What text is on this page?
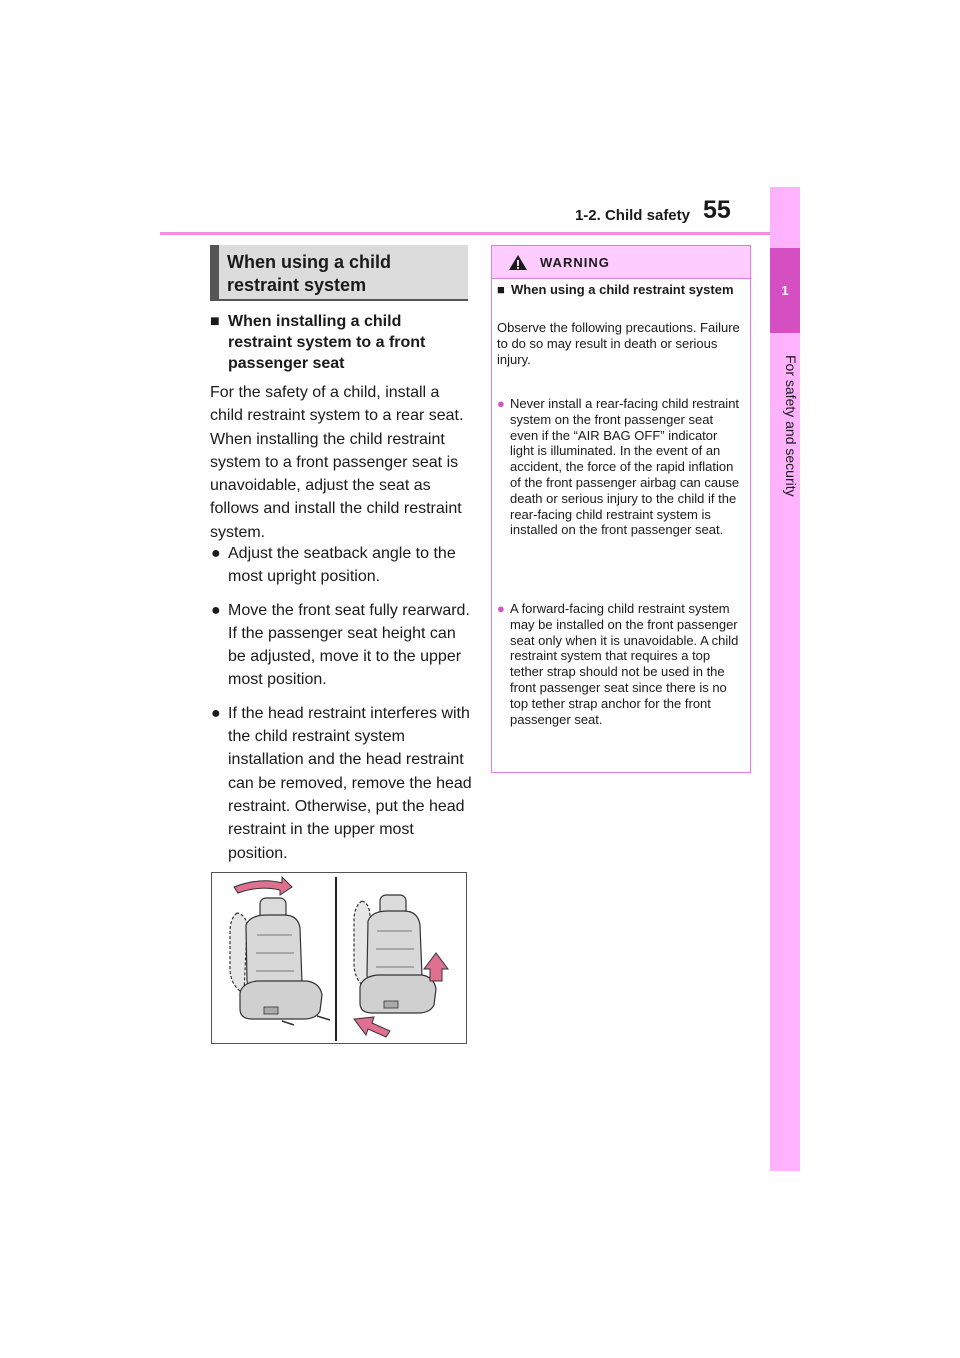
1-2. Child safety 55
1
For safety and security
When using a child
restraint system
■ When installing a child restraint system to a front passenger seat
For the safety of a child, install a child restraint system to a rear seat. When installing the child restraint system to a front passenger seat is unavoidable, adjust the seat as follows and install the child restraint system.
● Adjust the seatback angle to the most upright position.
● Move the front seat fully rearward. If the passenger seat height can be adjusted, move it to the upper most position.
● If the head restraint interferes with the child restraint system installation and the head restraint can be removed, remove the head restraint. Otherwise, put the head restraint in the upper most position.
WARNING
■ When using a child restraint system
Observe the following precautions. Failure to do so may result in death or serious injury.
● Never install a rear-facing child restraint system on the front passenger seat even if the “AIR BAG OFF” indicator light is illuminated. In the event of an accident, the force of the rapid inflation of the front passenger airbag can cause death or serious injury to the child if the rear-facing child restraint system is installed on the front passenger seat.
● A forward-facing child restraint system may be installed on the front passenger seat only when it is unavoidable. A child restraint system that requires a top tether strap should not be used in the front passenger seat since there is no top tether strap anchor for the front passenger seat.
